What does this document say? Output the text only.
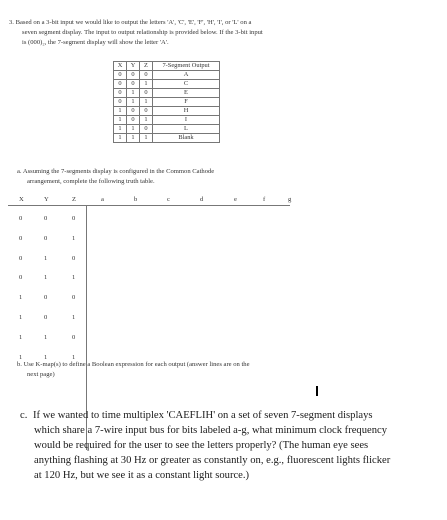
3. Based on a 3-bit input we would like to output the letters 'A', 'C', 'E', 'F', 'H', 'I', or 'L' on a

seven segment display. The input to output relationship is provided below. If the 3-bit input

is (000)₂, the 7-segment display will show the letter 'A'.

X	Y	Z	7-Segment Output
0	0	0	A
0	0	1	C
0	1	0	E
0	1	1	F
1	0	0	H
1	0	1	I
1	1	0	L
1	1	1	Blank

a. Assuming the 7-segments display is configured in the Common Cathode

arrangement, complete the following truth table.

X	Y	Z	a	b	c	d	e	f	g
0	0	0
0	0	1
0	1	0
0	1	1
1	0	0
1	0	1
1	1	0
1	1	1

b. Use K-map(s) to define a Boolean expression for each output (answer lines are on the

next page)

c. If we wanted to time multiplex 'CAEFLIH' on a set of seven 7-segment displays
which share a 7-wire input bus for bits labeled a-g, what minimum clock frequency
would be required for the user to see the letters properly? (The human eye sees
anything flashing at 30 Hz or greater as constantly on, e.g., fluorescent lights flicker
at 120 Hz, but we see it as a constant light source.)
